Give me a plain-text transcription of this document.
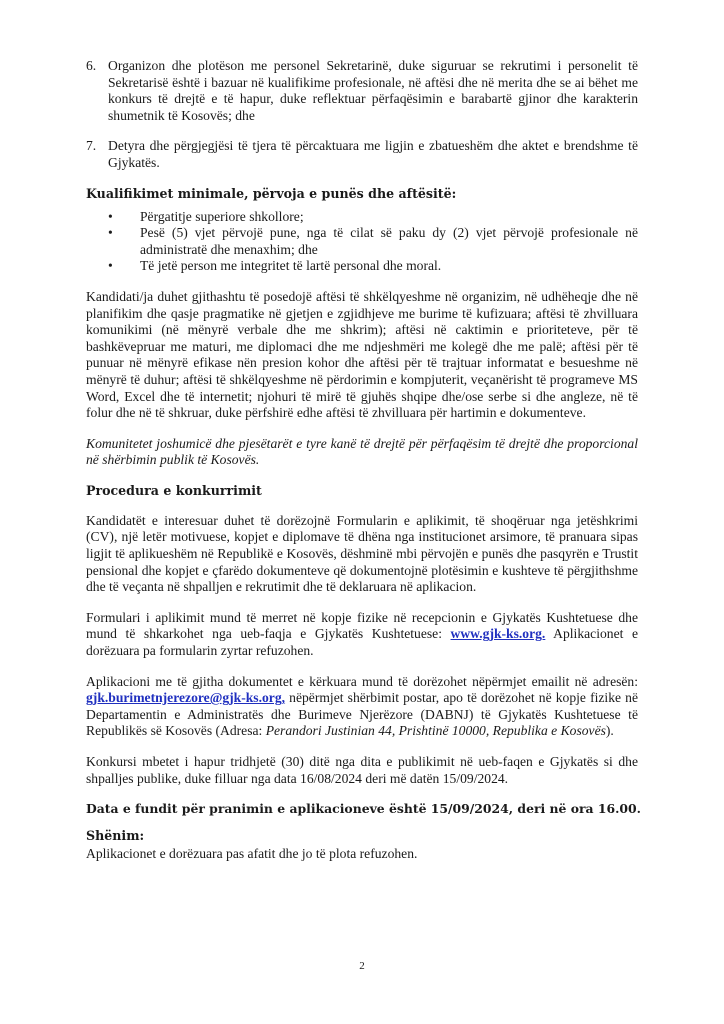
6. Organizon dhe plotëson me personel Sekretarinë, duke siguruar se rekrutimi i personelit të Sekretarisë është i bazuar në kualifikime profesionale, në aftësi dhe në merita dhe se ai bëhet me konkurs të drejtë e të hapur, duke reflektuar përfaqësimin e barabartë gjinor dhe karakterin shumetnik të Kosovës; dhe
7. Detyra dhe përgjegjësi të tjera të përcaktuara me ligjin e zbatueshëm dhe aktet e brendshme të Gjykatës.
Kualifikimet minimale, përvoja e punës dhe aftësitë:
• Përgatitje superiore shkollore;
• Pesë (5) vjet përvojë pune, nga të cilat së paku dy (2) vjet përvojë profesionale në administratë dhe menaxhim; dhe
• Të jetë person me integritet të lartë personal dhe moral.

Kandidati/ja duhet gjithashtu të posedojë aftësi të shkëlqyeshme në organizim, në udhëheqje dhe në planifikim dhe qasje pragmatike në gjetjen e zgjidhjeve me burime të kufizuara; aftësi të zhvilluara komunikimi (në mënyrë verbale dhe me shkrim); aftësi në caktimin e prioriteteve, për të bashkëvepruar me maturi, me diplomaci dhe me ndjeshmëri me kolegë dhe me palë; aftësi për të punuar në mënyrë efikase nën presion kohor dhe aftësi për të trajtuar informatat e besueshme në mënyrë të duhur; aftësi të shkëlqyeshme në përdorimin e kompjuterit, veçanërisht të programeve MS Word, Excel dhe të internetit; njohuri të mirë të gjuhës shqipe dhe/ose serbe si dhe angleze, në të folur dhe në të shkruar, duke përfshirë edhe aftësi të zhvilluara për hartimin e dokumenteve.

Komunitetet joshumicë dhe pjesëtarët e tyre kanë të drejtë për përfaqësim të drejtë dhe proporcional në shërbimin publik të Kosovës.

Procedura e konkurrimit

Kandidatët e interesuar duhet të dorëzojnë Formularin e aplikimit, të shoqëruar nga jetëshkrimi (CV), një letër motivuese, kopjet e diplomave të dhëna nga institucionet arsimore, të pranuara sipas ligjit të aplikueshëm në Republikë e Kosovës, dëshminë mbi përvojën e punës dhe pasqyrën e Trustit pensional dhe kopjet e çfarëdo dokumenteve që dokumentojnë plotësimin e kushteve të përgjithshme dhe të veçanta në shpalljen e rekrutimit dhe të deklaruara në aplikacion.

Formulari i aplikimit mund të merret në kopje fizike në recepcionin e Gjykatës Kushtetuese dhe mund të shkarkohet nga ueb-faqja e Gjykatës Kushtetuese: www.gjk-ks.org. Aplikacionet e dorëzuara pa formularin zyrtar refuzohen.

Aplikacioni me të gjitha dokumentet e kërkuara mund të dorëzohet nëpërmjet emailit në adresën: gjk.burimetnjerezore@gjk-ks.org, nëpërmjet shërbimit postar, apo të dorëzohet në kopje fizike në Departamentin e Administratës dhe Burimeve Njerëzore (DABNJ) të Gjykatës Kushtetuese të Republikës së Kosovës (Adresa: Perandori Justinian 44, Prishtinë 10000, Republika e Kosovës).

Konkursi mbetet i hapur tridhjetë (30) ditë nga dita e publikimit në ueb-faqen e Gjykatës si dhe shpalljes publike, duke filluar nga data 16/08/2024 deri më datën 15/09/2024.

Data e fundit për pranimin e aplikacioneve është 15/09/2024, deri në ora 16.00.

Shënim:

Aplikacionet e dorëzuara pas afatit dhe jo të plota refuzohen.

2
